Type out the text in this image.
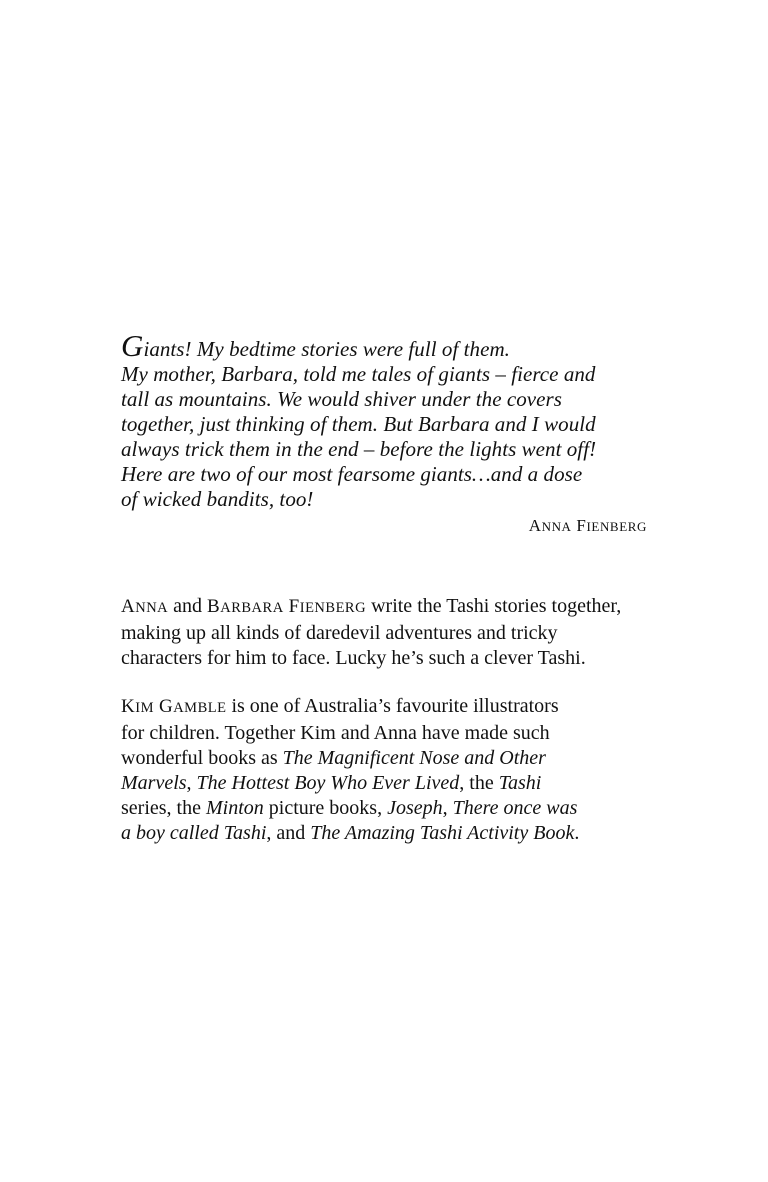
Giants! My bedtime stories were full of them.
My mother, Barbara, told me tales of giants – fierce and
tall as mountains. We would shiver under the covers
together, just thinking of them. But Barbara and I would
always trick them in the end – before the lights went off!
Here are two of our most fearsome giants…and a dose
of wicked bandits, too!
ANNA FIENBERG
ANNA and BARBARA FIENBERG write the Tashi stories together,
making up all kinds of daredevil adventures and tricky
characters for him to face. Lucky he’s such a clever Tashi.
KIM GAMBLE is one of Australia’s favourite illustrators
for children. Together Kim and Anna have made such
wonderful books as The Magnificent Nose and Other
Marvels, The Hottest Boy Who Ever Lived, the Tashi
series, the Minton picture books, Joseph, There once was
a boy called Tashi, and The Amazing Tashi Activity Book.
